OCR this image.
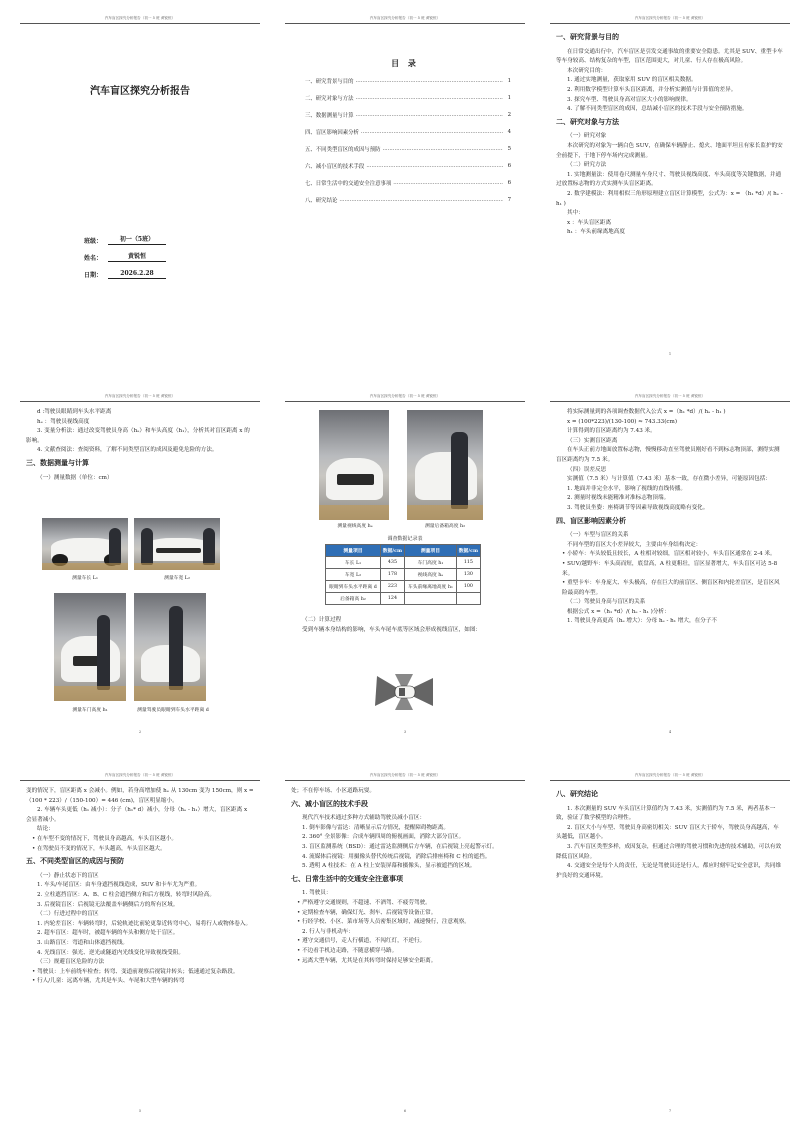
汽车盲区探究分析报告（初一 5 班 黄锐恒）
汽车盲区探究分析报告
班级：	初一（5班）
姓名：	黄锐恒
日期：	2026.2.28
汽车盲区探究分析报告（初一 5 班 黄锐恒）
目 录
一、研究背景与目的 .....	1
二、研究对象与方法 .....	1
三、数据测量与计算 .....	2
四、盲区影响因素分析 .....	4
五、不同类型盲区的成因与预防 .....	5
六、减小盲区的技术手段 .....	6
七、日常生活中的交通安全注意事项 .....	6
八、研究结论 .....	7
汽车盲区探究分析报告（初一 5 班 黄锐恒）

一、研究背景与目的

在日常交通出行中，汽车盲区是引发交通事故的重要安全隐患。尤其是 SUV、重型卡车等车身较高、结构复杂的车型，盲区范围更大，对儿童、行人存在极高风险。

本次研究目的：

1. 通过实地测量，获取家用 SUV 的盲区相关数据。

2. 利用数学模型计算车头盲区距离，并分析实测值与计算值的差异。

3. 探究车型、驾驶员身高对盲区大小的影响规律。

4. 了解不同类型盲区的成因，总结减小盲区的技术手段与安全预防措施。

二、研究对象与方法

（一）研究对象

本次研究的对象为一辆白色 SUV，在确保车辆静止、熄火、地面平坦且有家长监护的安全前提下，于地下停车场内完成测量。

（二）研究方法

1. 实地测量法：使用卷尺测量车身尺寸、驾驶员视线高度、车头高度等关键数据，并通过放置标志物的方式实测车头盲区距离。

2. 数学建模法：利用相似三角形原理建立盲区计算模型，公式为：x = （h₁ *d）/( hₑ - h₁ )

其中：

x ：车头盲区距离

h₁ ：车头前缘离地高度

1
汽车盲区探究分析报告（初一 5 班 黄锐恒）

d :驾驶员眼睛到车头水平距离

hₑ ：驾驶员视线高度

3. 变量分析法：通过改变驾驶员身高（hₑ）和车头高度（h₁），分析其对盲区距离 x 的影响。

4. 文献查阅法：查阅资料，了解不同类型盲区的成因及避免危险的方法。

三、数据测量与计算

（一）测量数据（单位：cm）

测量车长 L₁	测量车宽 L₂
测量车门高度 h₁	测量驾驶员眼睛到车头水平距离 d
2
汽车盲区探究分析报告（初一 5 班 黄锐恒）
测量视线高度 hₑ	测量后备箱高度 h₂
调查数据记录表
测量项目	数据/cm	测量项目	数据/cm
车长 L₁	435	车门高度 h₁	115
车宽 L₂	178	视线高度 hₑ	130
眼睛到车头水平距离 d	223	车头前缘离地高度 h₁	100
后备箱高 h₂	124		

（二）计算过程

受到车辆本身结构的影响，车头车尾车底等区域会形成视线盲区，如图：

3
汽车盲区探究分析报告（初一 5 班 黄锐恒）

将实际测量到的各项调查数据代入公式 x =（h₁ *d）/( hₑ - h₁ )

x = (100*223)/(130-100) ≈ 743.33(cm)

计算得到的盲区距离约为 7.43 米。

（三）实测盲区距离

在车头正前方地面放置标志物，慢慢移动直至驾驶员刚好看不到标志物顶部，测得实测盲区距离约为 7.5 米。

（四）误差反思

实测值（7.5 米）与计算值（7.43 米）基本一致，存在微小差异，可能原因包括：

1. 地面并非完全水平，影响了视线的直线传播。

2. 测量时视线未能精准对准标志物顶端。

3. 驾驶员坐姿：座椅调节等因素导致视线高度略有变化。

四、盲区影响因素分析

（一）车型与盲区的关系

不同车型的盲区大小差异较大，主要由车身结构决定：

• 小轿车：车头较低且较长，A 柱相对较细，盲区相对较小，车头盲区通常在 2-4 米。

• SUV/越野车：车头高而短，底盘高，A 柱更粗壮，盲区显著增大，车头盲区可达 5-8 米。

• 重型卡车：车身庞大、车头极高，存在巨大的前盲区、侧盲区和内轮差盲区，是盲区风险最高的车型。

（二）驾驶员身高与盲区的关系

根据公式 x =（h₁ *d）/( hₑ - h₁ )分析：

1. 驾驶员身高更高（hₑ 增大）：分母 hₑ - h₁ 增大，在分子不

4
汽车盲区探究分析报告（初一 5 班 黄锐恒）

变的情况下，盲区距离 x 会减小。例如，若身高增加使 hₑ 从 130cm 变为 150cm，则 x =（100 * 223）/（150-100）= 446 (cm)，盲区明显缩小。

2. 车辆车头更低（h₁ 减小）：分子（h₁* d）减小，分母（hₑ - h₁）增大，盲区距离 x 会显著减小。

结论：

• 在车型不变的情况下，驾驶员身高越高，车头盲区越小。

• 在驾驶员不变的情况下，车头越高，车头盲区越大。

五、不同类型盲区的成因与预防

（一）静止状态下的盲区

1. 车头/车尾盲区：由车身遮挡视线造成，SUV 和卡车尤为严重。

2. 立柱遮挡盲区：A、B、C 柱会遮挡侧方和后方视线，转弯时风险高。

3. 后视镜盲区：后视镜无法覆盖车辆侧后方的所有区域。

（二）行进过程中的盲区

1. 内轮差盲区：车辆转弯时，后轮轨迹比前轮更靠近转弯中心，易将行人或物体卷入。

2. 超车盲区：超车时，被超车辆的车头和侧方处于盲区。

3. 山路盲区：弯道和山体遮挡视线。

4. 光线盲区：强光、逆光或隧道内光线变化导致视线受阻。

（三）规避盲区危险的方法

• 驾驶员：上车前绕车检查；转弯、变道前观察后视镜并转头；低速通过复杂路段。

• 行人/儿童：远离车辆，尤其是车头、车尾和大型车辆的转弯

5
汽车盲区探究分析报告（初一 5 班 黄锐恒）

处；不在停车场、小区道路玩耍。

六、减小盲区的技术手段

现代汽车技术通过多种方式辅助驾驶员减小盲区：

1. 倒车影像与雷达：清晰显示后方情况，提醒障碍物距离。

2. 360° 全景影像：合成车辆四周的俯视画面，消除大部分盲区。

3. 盲区监测系统（BSD）：通过雷达监测侧后方车辆，在后视镜上亮起警示灯。

4. 流媒体后视镜：用摄像头替代传统后视镜，消除后排座椅和 C 柱的遮挡。

5. 透明 A 柱技术：在 A 柱上安装屏幕和摄像头，显示被遮挡的区域。

七、日常生活中的交通安全注意事项

1. 驾驶员：

• 严格遵守交通规则，不超速、不酒驾、不疲劳驾驶。

• 定期检查车辆，确保灯光、刹车、后视镜等设备正常。

• 行经学校、小区、菜市场等人员密集区域时，减速慢行，注意观察。

2. 行人与非机动车：

• 遵守交通信号，走人行横道，不闯红灯，不逆行。

• 不边看手机边走路，不随意横穿马路。

• 远离大型车辆，尤其是在其转弯时保持足够安全距离。

6
汽车盲区探究分析报告（初一 5 班 黄锐恒）

八、研究结论

1. 本次测量的 SUV 车头盲区计算值约为 7.43 米，实测值约为 7.5 米，两者基本一致，验证了数学模型的合理性。

2. 盲区大小与车型、驾驶员身高密切相关：SUV 盲区大于轿车，驾驶员身高越高，车头越低，盲区越小。

3. 汽车盲区类型多样，成因复杂，但通过合理的驾驶习惯和先进的技术辅助，可以有效降低盲区风险。

4. 交通安全是每个人的责任，无论是驾驶员还是行人，都应时刻牢记安全意识，共同维护良好的交通环境。

7
